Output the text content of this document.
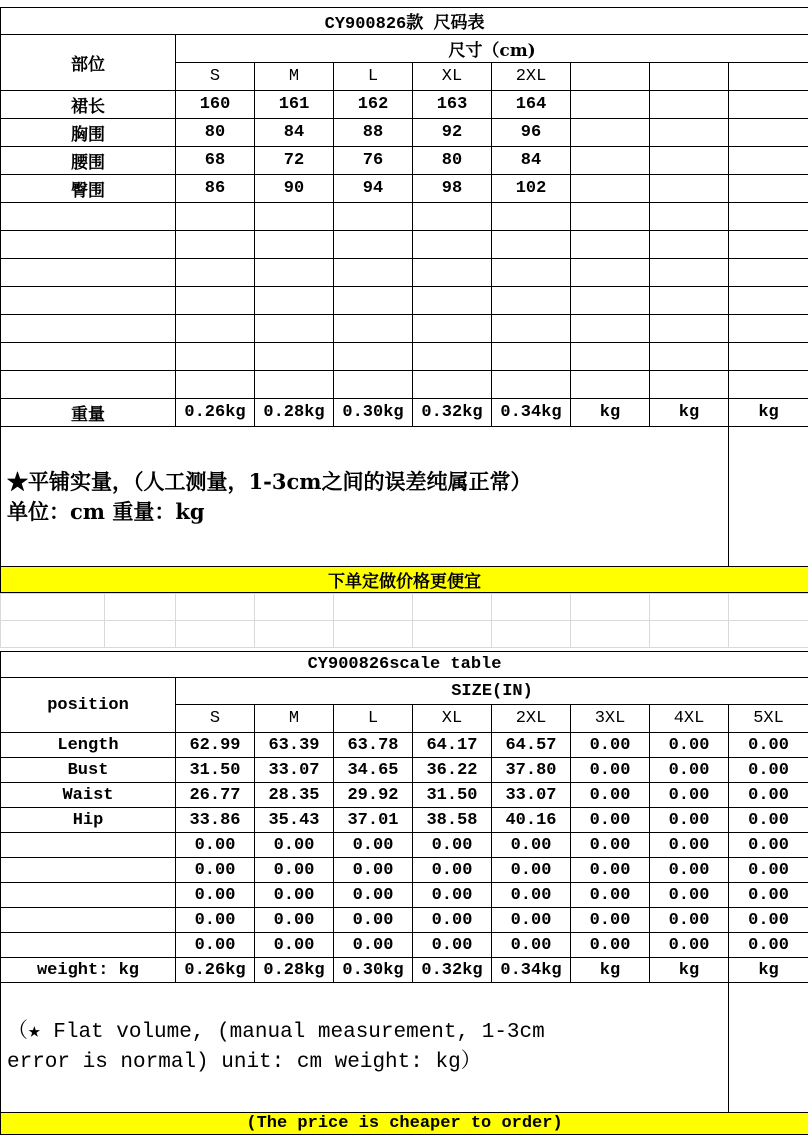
CY900826款 尺码表								
部位	尺寸（cm)							
	S	M	L	XL	2XL			
裙长	160	161	162	163	164			
胸围	80	84	88	92	96			
腰围	68	72	76	80	84			
臀围	86	90	94	98	102			

重量	0.26kg	0.28kg	0.30kg	0.32kg	0.34kg	kg	kg	kg

★平铺实量，（人工测量，1-3cm之间的误差纯属正常）
单位：cm 重量：kg								

下单定做价格更便宜								

CY900826scale table								
position	SIZE(IN)							
	S	M	L	XL	2XL	3XL	4XL	5XL
Length	62.99	63.39	63.78	64.17	64.57	0.00	0.00	0.00
Bust	31.50	33.07	34.65	36.22	37.80	0.00	0.00	0.00
Waist	26.77	28.35	29.92	31.50	33.07	0.00	0.00	0.00
Hip	33.86	35.43	37.01	38.58	40.16	0.00	0.00	0.00
	0.00	0.00	0.00	0.00	0.00	0.00	0.00	0.00
	0.00	0.00	0.00	0.00	0.00	0.00	0.00	0.00
	0.00	0.00	0.00	0.00	0.00	0.00	0.00	0.00
	0.00	0.00	0.00	0.00	0.00	0.00	0.00	0.00
	0.00	0.00	0.00	0.00	0.00	0.00	0.00	0.00
weight: kg	0.26kg	0.28kg	0.30kg	0.32kg	0.34kg	kg	kg	kg

（★ Flat volume, (manual measurement, 1-3cm
error is normal) unit: cm weight: kg）								

(The price is cheaper to order)								
